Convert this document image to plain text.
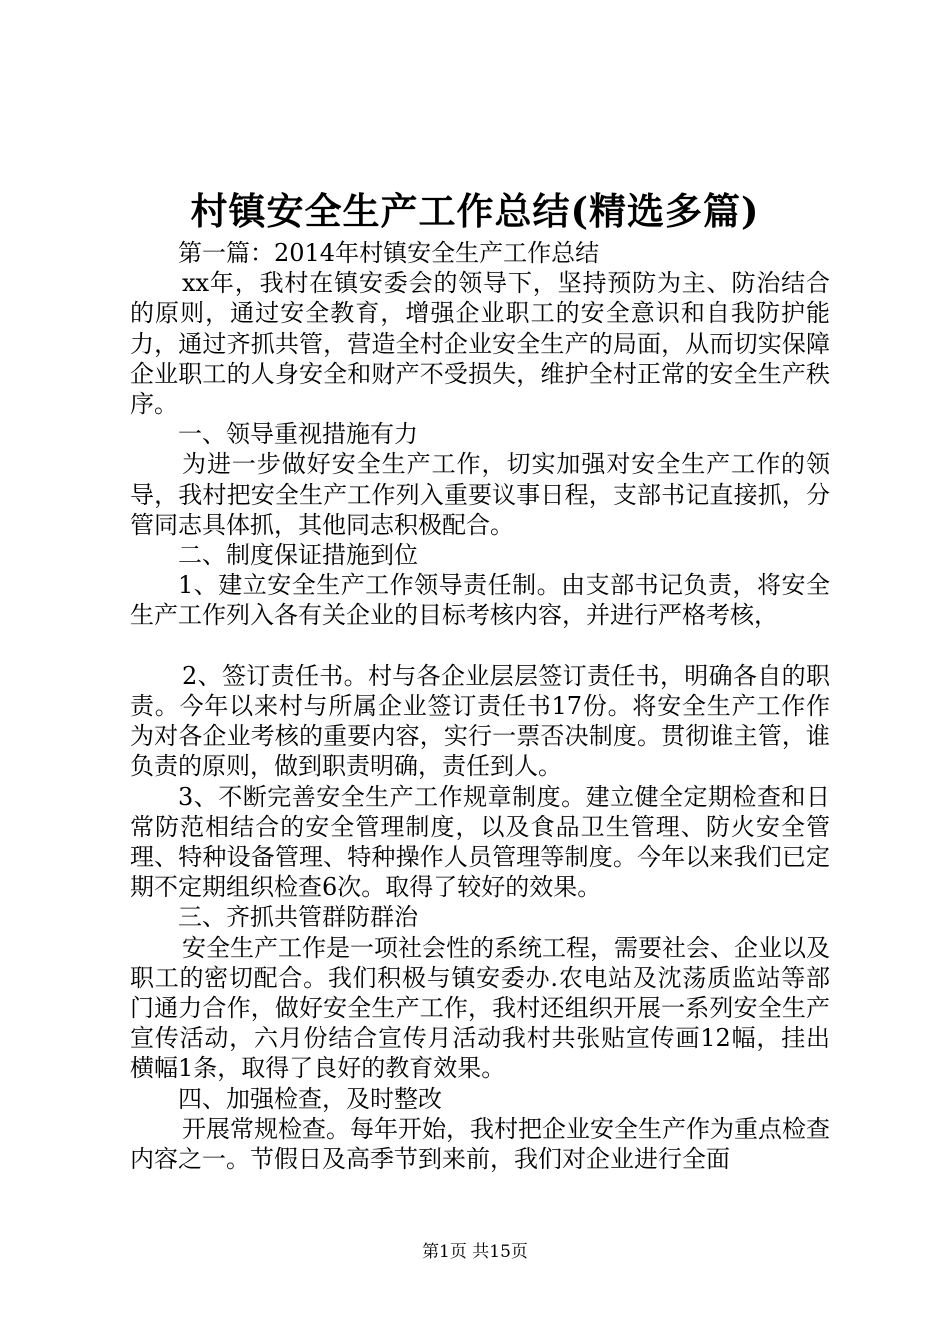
村镇安全生产工作总结(精选多篇)

第一篇：2014年村镇安全生产工作总结

xx年，我村在镇安委会的领导下，坚持预防为主、防治结合的原则，通过安全教育，增强企业职工的安全意识和自我防护能力，通过齐抓共管，营造全村企业安全生产的局面，从而切实保障企业职工的人身安全和财产不受损失，维护全村正常的安全生产秩序。

一、领导重视措施有力

为进一步做好安全生产工作，切实加强对安全生产工作的领导，我村把安全生产工作列入重要议事日程，支部书记直接抓，分管同志具体抓，其他同志积极配合。

二、制度保证措施到位

1、建立安全生产工作领导责任制。由支部书记负责，将安全生产工作列入各有关企业的目标考核内容，并进行严格考核，

2、签订责任书。村与各企业层层签订责任书，明确各自的职责。今年以来村与所属企业签订责任书17份。将安全生产工作作为对各企业考核的重要内容，实行一票否决制度。贯彻谁主管，谁负责的原则，做到职责明确，责任到人。

3、不断完善安全生产工作规章制度。建立健全定期检查和日常防范相结合的安全管理制度，以及食品卫生管理、防火安全管理、特种设备管理、特种操作人员管理等制度。今年以来我们已定期不定期组织检查6次。取得了较好的效果。

三、齐抓共管群防群治

安全生产工作是一项社会性的系统工程，需要社会、企业以及职工的密切配合。我们积极与镇安委办.农电站及沈荡质监站等部门通力合作，做好安全生产工作，我村还组织开展一系列安全生产宣传活动，六月份结合宣传月活动我村共张贴宣传画12幅，挂出横幅1条，取得了良好的教育效果。

四、加强检查，及时整改

开展常规检查。每年开始，我村把企业安全生产作为重点检查内容之一。节假日及高季节到来前，我们对企业进行全面

第1页 共15页
